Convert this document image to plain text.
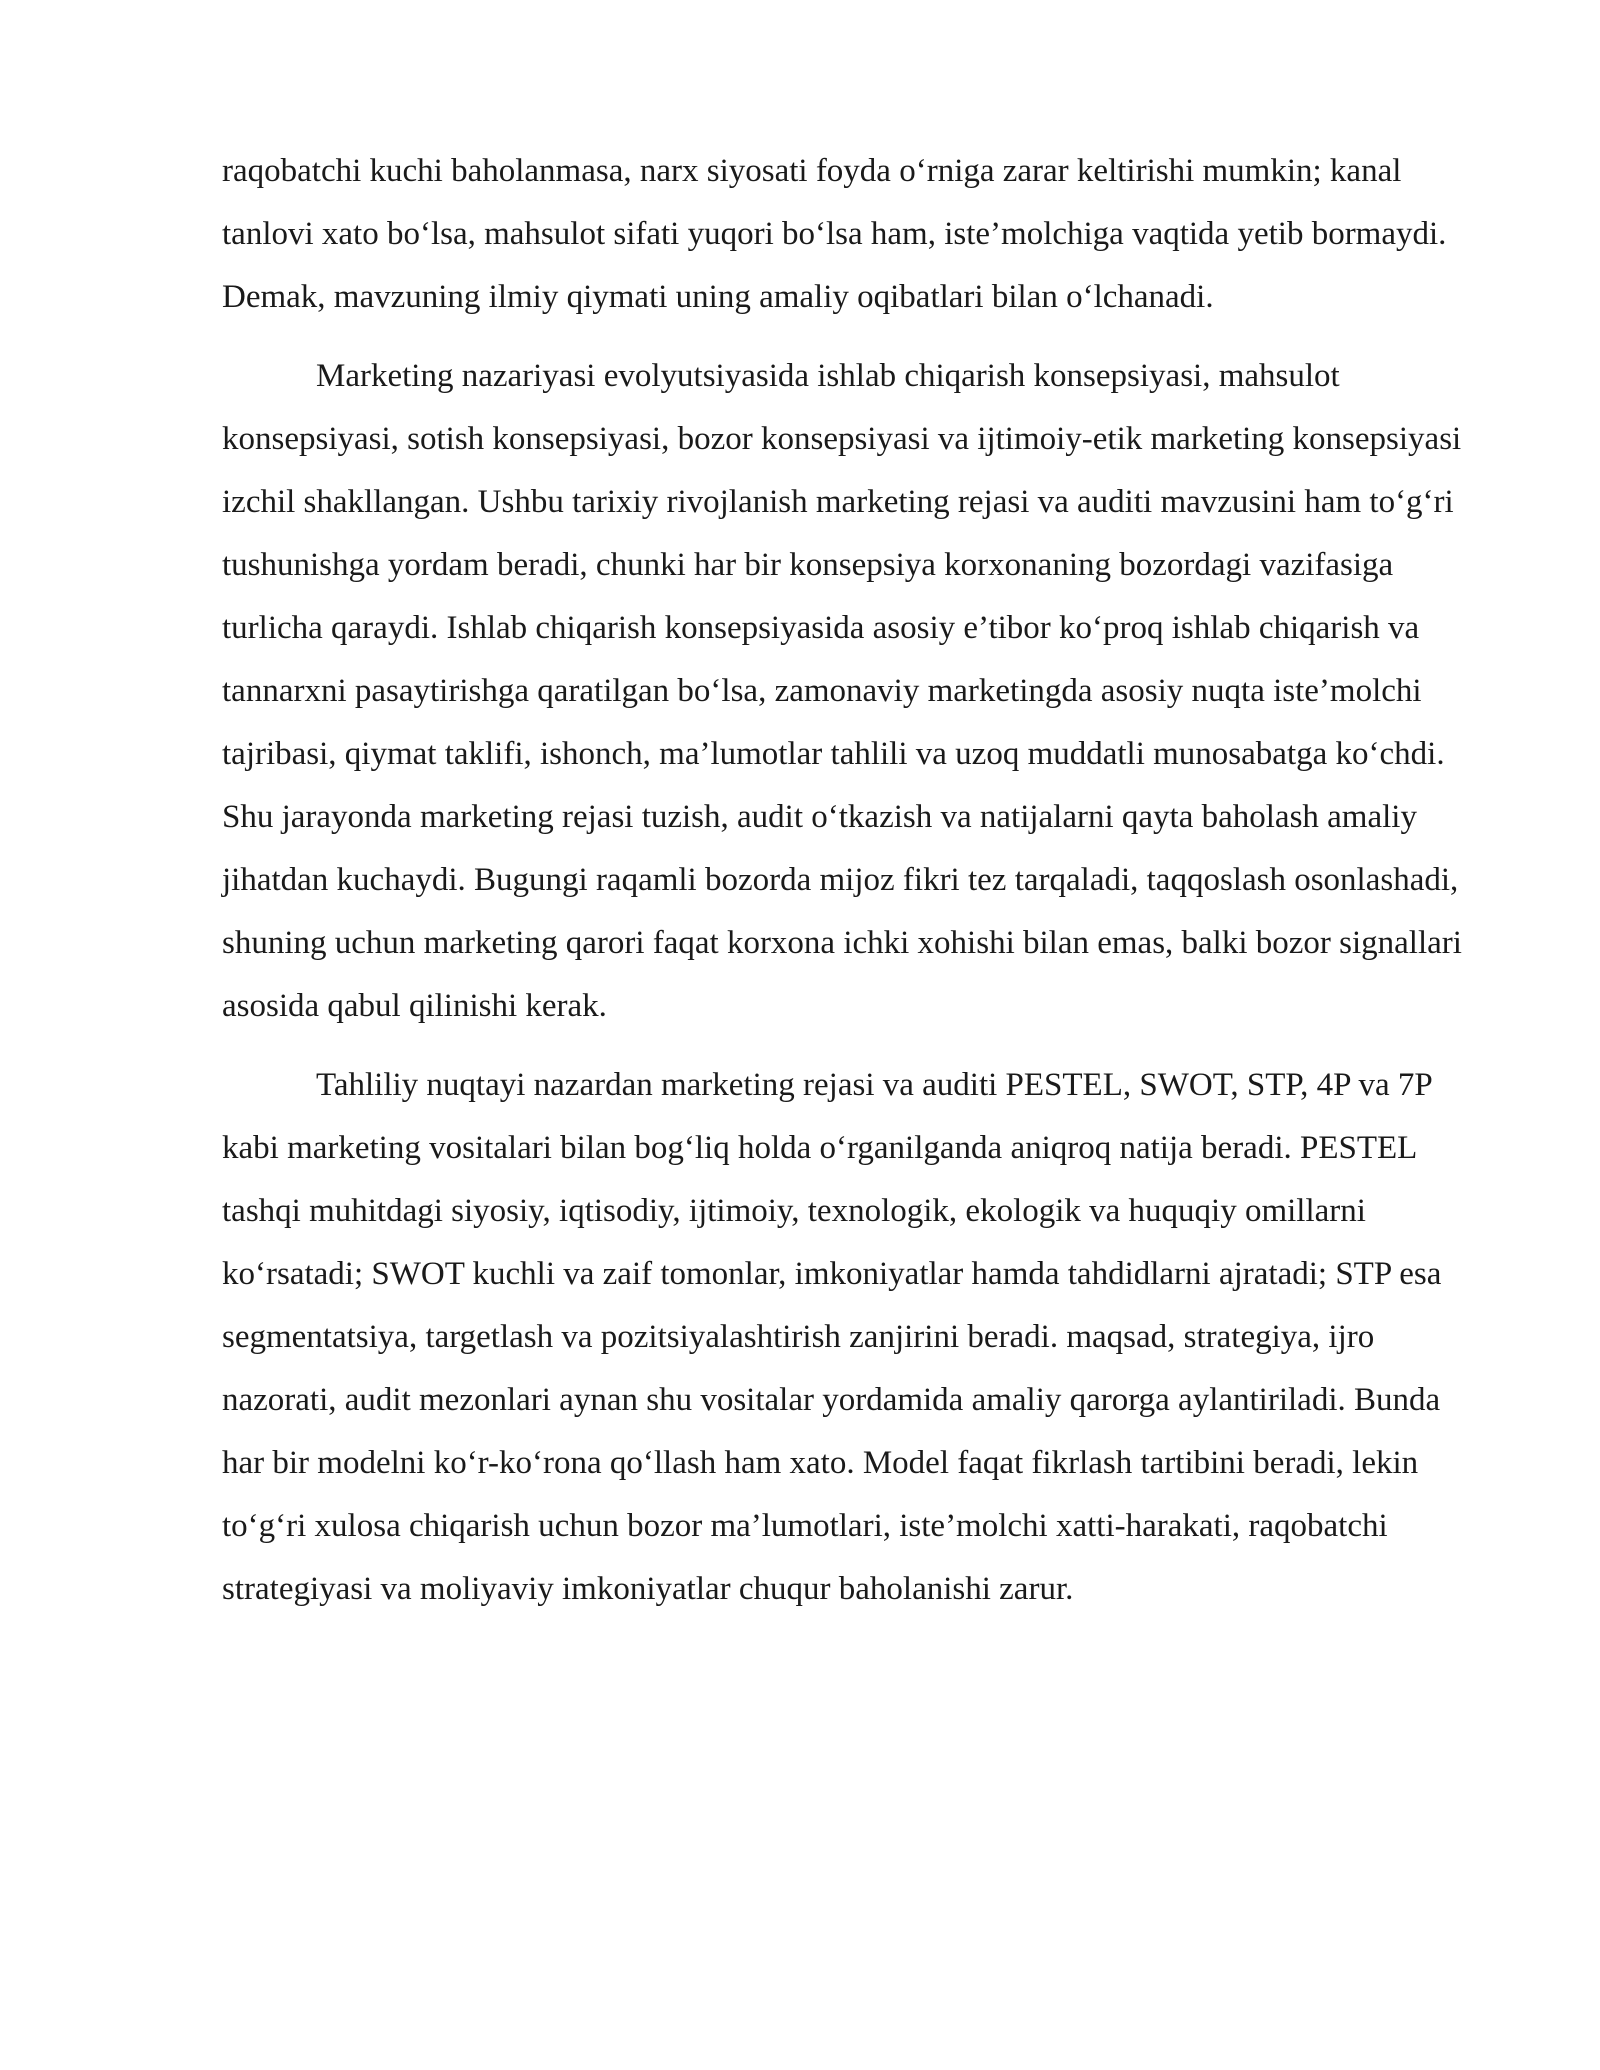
raqobatchi kuchi baholanmasa, narx siyosati foyda o‘rniga zarar keltirishi mumkin; kanal tanlovi xato bo‘lsa, mahsulot sifati yuqori bo‘lsa ham, iste’molchiga vaqtida yetib bormaydi. Demak, mavzuning ilmiy qiymati uning amaliy oqibatlari bilan o‘lchanadi.

Marketing nazariyasi evolyutsiyasida ishlab chiqarish konsepsiyasi, mahsulot konsepsiyasi, sotish konsepsiyasi, bozor konsepsiyasi va ijtimoiy-etik marketing konsepsiyasi izchil shakllangan. Ushbu tarixiy rivojlanish marketing rejasi va auditi mavzusini ham to‘g‘ri tushunishga yordam beradi, chunki har bir konsepsiya korxonaning bozordagi vazifasiga turlicha qaraydi. Ishlab chiqarish konsepsiyasida asosiy e’tibor ko‘proq ishlab chiqarish va tannarxni pasaytirishga qaratilgan bo‘lsa, zamonaviy marketingda asosiy nuqta iste’molchi tajribasi, qiymat taklifi, ishonch, ma’lumotlar tahlili va uzoq muddatli munosabatga ko‘chdi. Shu jarayonda marketing rejasi tuzish, audit o‘tkazish va natijalarni qayta baholash amaliy jihatdan kuchaydi. Bugungi raqamli bozorda mijoz fikri tez tarqaladi, taqqoslash osonlashadi, shuning uchun marketing qarori faqat korxona ichki xohishi bilan emas, balki bozor signallari asosida qabul qilinishi kerak.

Tahliliy nuqtayi nazardan marketing rejasi va auditi PESTEL, SWOT, STP, 4P va 7P kabi marketing vositalari bilan bog‘liq holda o‘rganilganda aniqroq natija beradi. PESTEL tashqi muhitdagi siyosiy, iqtisodiy, ijtimoiy, texnologik, ekologik va huquqiy omillarni ko‘rsatadi; SWOT kuchli va zaif tomonlar, imkoniyatlar hamda tahdidlarni ajratadi; STP esa segmentatsiya, targetlash va pozitsiyalashtirish zanjirini beradi. maqsad, strategiya, ijro nazorati, audit mezonlari aynan shu vositalar yordamida amaliy qarorga aylantiriladi. Bunda har bir modelni ko‘r-ko‘rona qo‘llash ham xato. Model faqat fikrlash tartibini beradi, lekin to‘g‘ri xulosa chiqarish uchun bozor ma’lumotlari, iste’molchi xatti-harakati, raqobatchi strategiyasi va moliyaviy imkoniyatlar chuqur baholanishi zarur.
